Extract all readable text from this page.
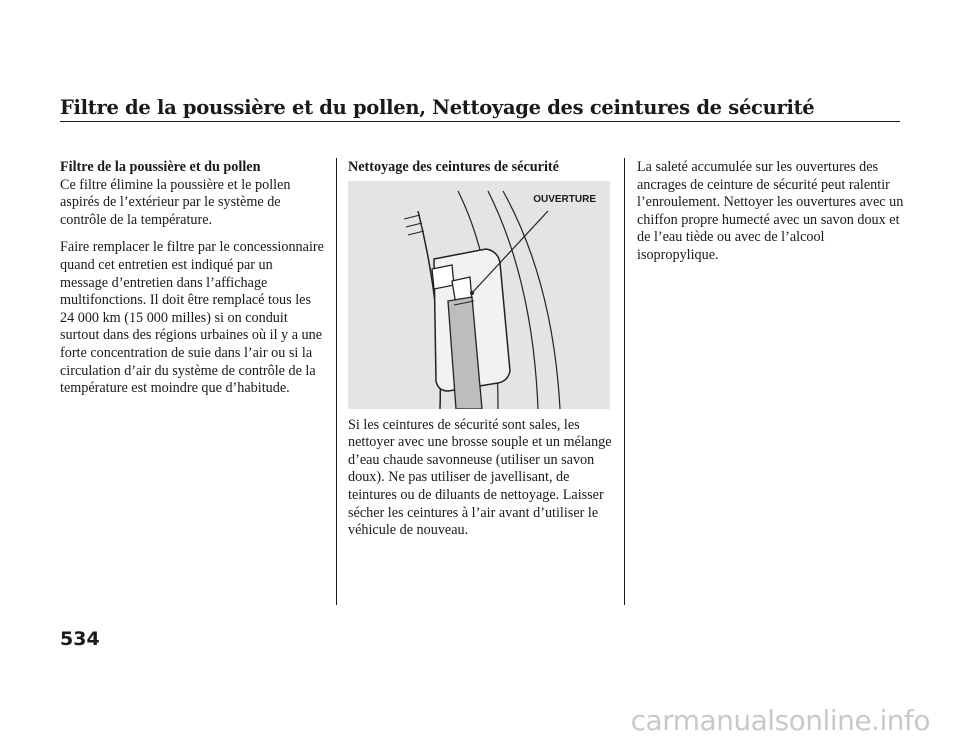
Filtre de la poussière et du pollen, Nettoyage des ceintures de sécurité

Filtre de la poussière et du pollen
Ce filtre élimine la poussière et le pollen aspirés de l’extérieur par le système de contrôle de la température.

Faire remplacer le filtre par le concessionnaire quand cet entretien est indiqué par un message d’entretien dans l’affichage multifonctions. Il doit être remplacé tous les 24 000 km (15 000 milles) si on conduit surtout dans des régions urbaines où il y a une forte concentration de suie dans l’air ou si la circulation d’air du système de contrôle de la température est moindre que d’habitude.

Nettoyage des ceintures de sécurité
OUVERTURE

Si les ceintures de sécurité sont sales, les nettoyer avec une brosse souple et un mélange d’eau chaude savonneuse (utiliser un savon doux). Ne pas utiliser de javellisant, de teintures ou de diluants de nettoyage. Laisser sécher les ceintures à l’air avant d’utiliser le véhicule de nouveau.

La saleté accumulée sur les ouvertures des ancrages de ceinture de sécurité peut ralentir l’enroulement. Nettoyer les ouvertures avec un chiffon propre humecté avec un savon doux et de l’eau tiède ou avec de l’alcool isopropylique.

534
carmanualsonline.info
